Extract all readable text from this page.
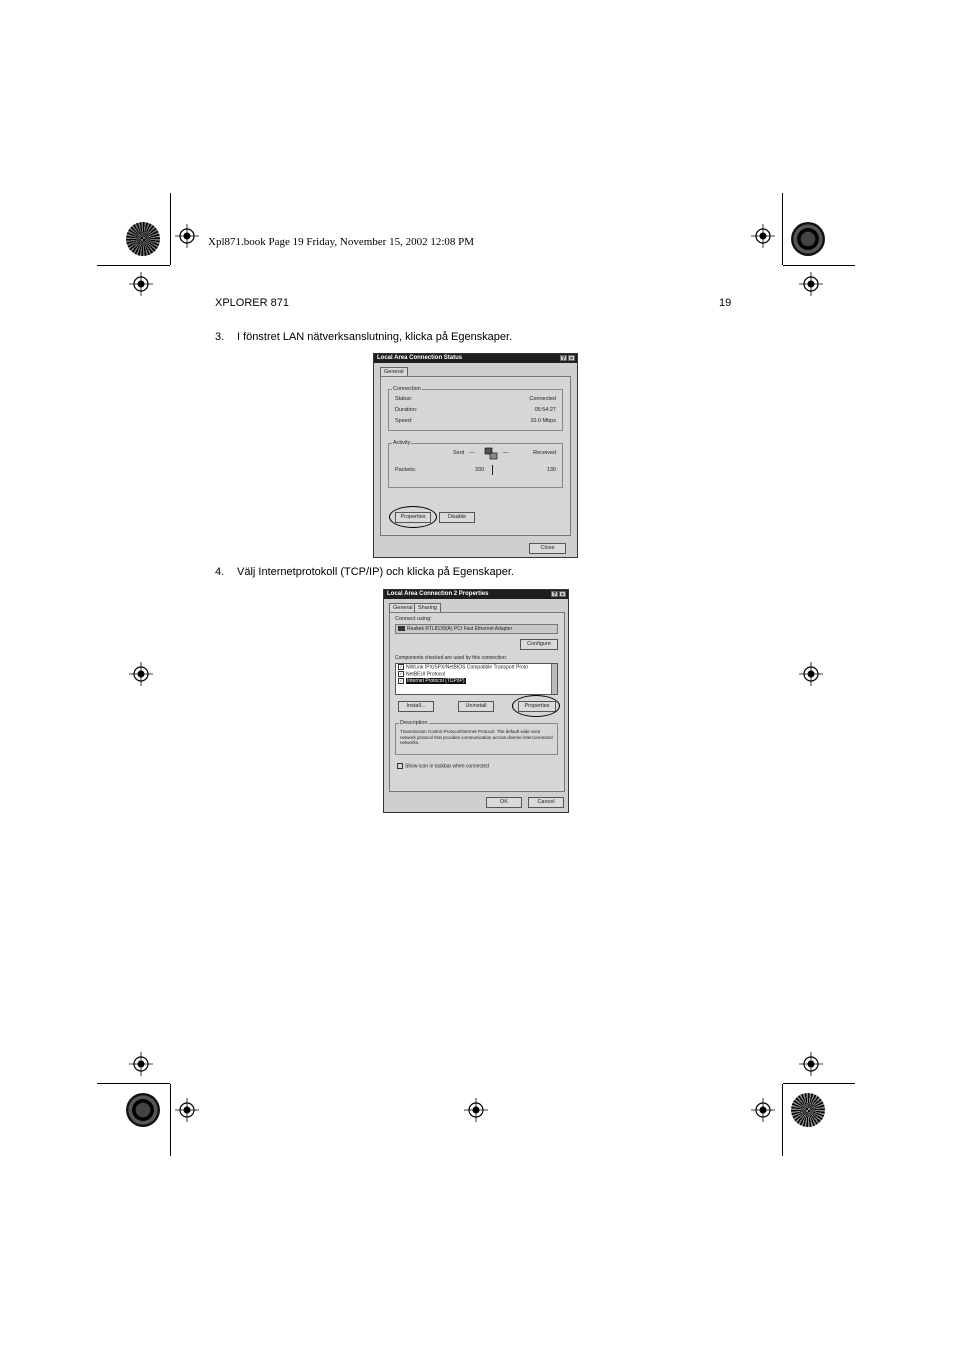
Xpl871.book Page 19 Friday, November 15, 2002 12:08 PM
XPLORER 871	19
3. I fönstret LAN nätverksanslutning, klicka på Egenskaper.
Local Area Connection Status	?	×
General
Connection
Status:	Connected
Duration:	05:54:27
Speed:	10.0 Mbps
Activity
Sent —	—	Received
Packets:	330	130
Properties	Disable
Close
4. Välj Internetprotokoll (TCP/IP) och klicka på Egenskaper.
Local Area Connection 2 Properties	?	×
General Sharing
Connect using:
Realtek RTL8139(A) PCI Fast Ethernet Adapter
Configure
Components checked are used by this connection:
✓ NWLink IPX/SPX/NetBIOS Compatible Transport Proto
✓ NetBEUI Protocol
✓ Internet Protocol (TCP/IP)
Install...	Uninstall	Properties
Description
Transmission Control Protocol/Internet Protocol. The default wide area network protocol that provides communication across diverse interconnected networks.
Show icon in taskbar when connected
OK	Cancel
